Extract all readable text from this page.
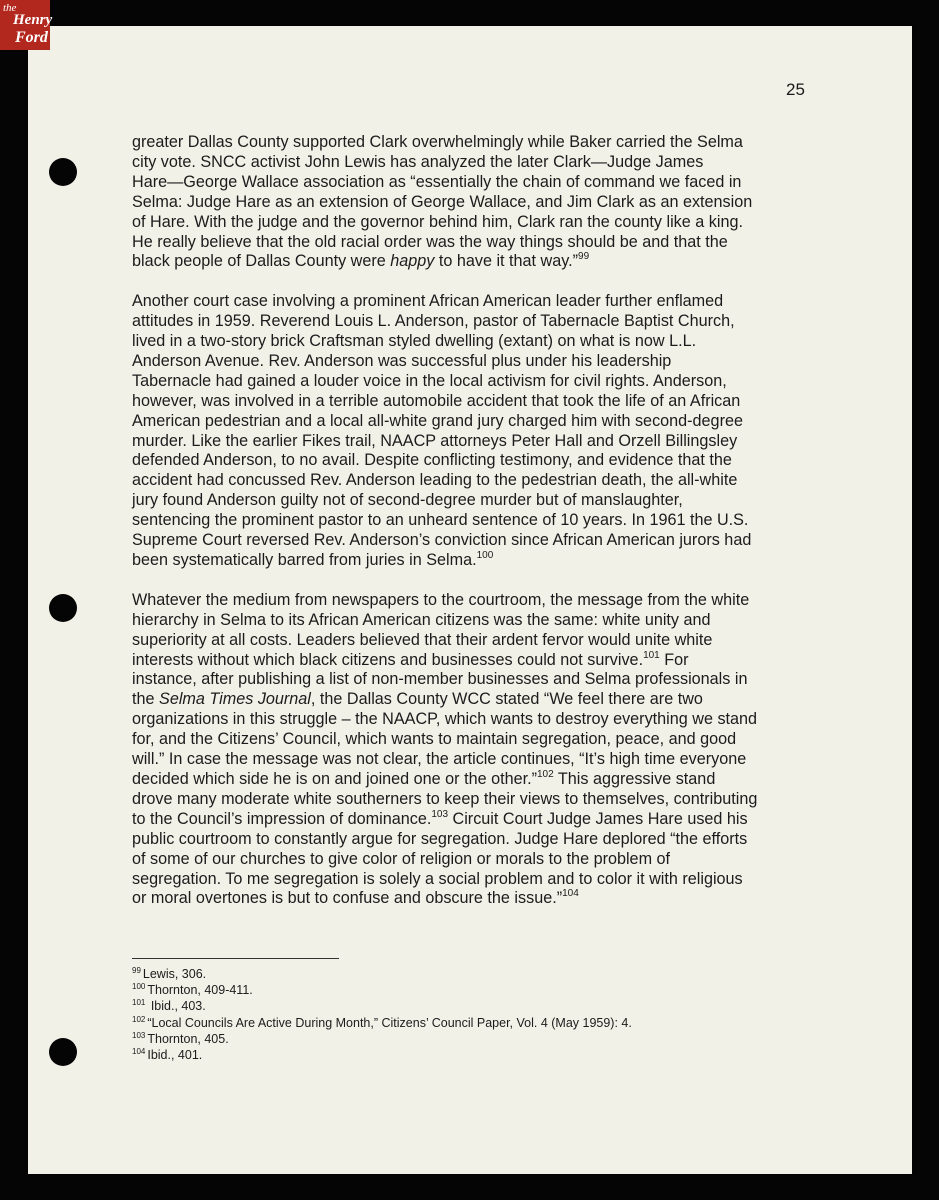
the
Henry
Ford
25
greater Dallas County supported Clark overwhelmingly while Baker carried the Selma
city vote. SNCC activist John Lewis has analyzed the later Clark—Judge James
Hare—George Wallace association as “essentially the chain of command we faced in
Selma: Judge Hare as an extension of George Wallace, and Jim Clark as an extension
of Hare. With the judge and the governor behind him, Clark ran the county like a king.
He really believe that the old racial order was the way things should be and that the
black people of Dallas County were happy to have it that way.”$^{99}$
Another court case involving a prominent African American leader further enflamed
attitudes in 1959. Reverend Louis L. Anderson, pastor of Tabernacle Baptist Church,
lived in a two-story brick Craftsman styled dwelling (extant) on what is now L.L.
Anderson Avenue. Rev. Anderson was successful plus under his leadership
Tabernacle had gained a louder voice in the local activism for civil rights. Anderson,
however, was involved in a terrible automobile accident that took the life of an African
American pedestrian and a local all-white grand jury charged him with second-degree
murder. Like the earlier Fikes trail, NAACP attorneys Peter Hall and Orzell Billingsley
defended Anderson, to no avail. Despite conflicting testimony, and evidence that the
accident had concussed Rev. Anderson leading to the pedestrian death, the all-white
jury found Anderson guilty not of second-degree murder but of manslaughter,
sentencing the prominent pastor to an unheard sentence of 10 years. In 1961 the U.S.
Supreme Court reversed Rev. Anderson’s conviction since African American jurors had
been systematically barred from juries in Selma.$^{100}$
Whatever the medium from newspapers to the courtroom, the message from the white
hierarchy in Selma to its African American citizens was the same: white unity and
superiority at all costs. Leaders believed that their ardent fervor would unite white
interests without which black citizens and businesses could not survive.$^{101}$ For
instance, after publishing a list of non-member businesses and Selma professionals in
the Selma Times Journal, the Dallas County WCC stated “We feel there are two
organizations in this struggle – the NAACP, which wants to destroy everything we stand
for, and the Citizens’ Council, which wants to maintain segregation, peace, and good
will.” In case the message was not clear, the article continues, “It’s high time everyone
decided which side he is on and joined one or the other.”$^{102}$ This aggressive stand
drove many moderate white southerners to keep their views to themselves, contributing
to the Council’s impression of dominance.$^{103}$ Circuit Court Judge James Hare used his
public courtroom to constantly argue for segregation. Judge Hare deplored “the efforts
of some of our churches to give color of religion or morals to the problem of
segregation. To me segregation is solely a social problem and to color it with religious
or moral overtones is but to confuse and obscure the issue.”$^{104}$
$^{99}$ Lewis, 306.
$^{100}$ Thornton, 409-411.
$^{101}$ Ibid., 403.
$^{102}$ “Local Councils Are Active During Month,” Citizens’ Council Paper, Vol. 4 (May 1959): 4.
$^{103}$ Thornton, 405.
$^{104}$ Ibid., 401.
